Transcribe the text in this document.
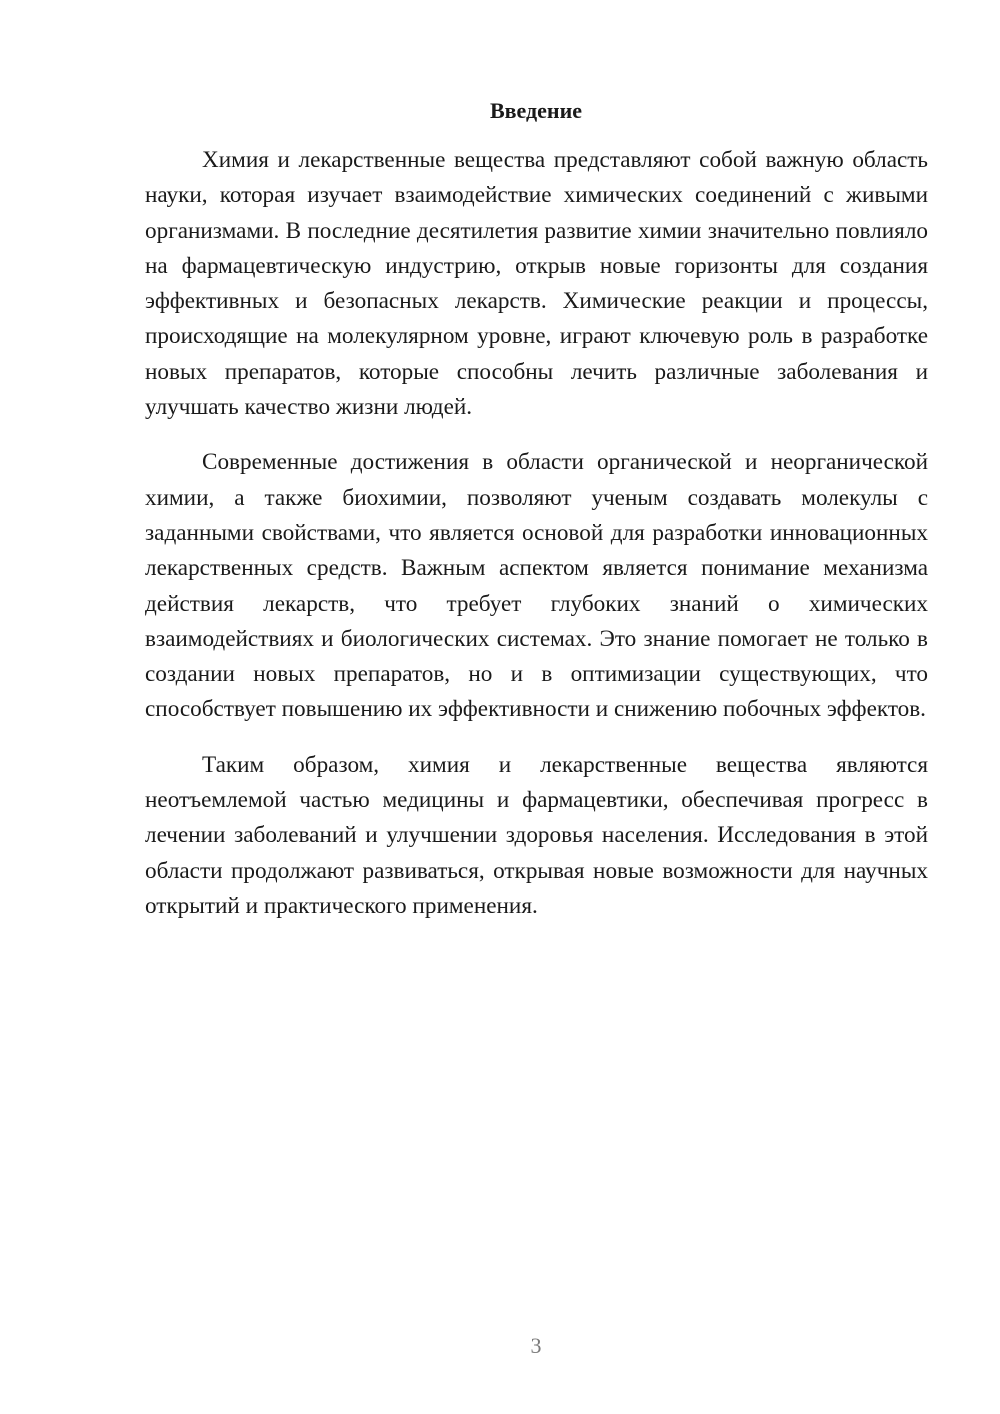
Введение

Химия и лекарственные вещества представляют собой важную область науки, которая изучает взаимодействие химических соединений с живыми организмами. В последние десятилетия развитие химии значительно повлияло на фармацевтическую индустрию, открыв новые горизонты для создания эффективных и безопасных лекарств. Химические реакции и процессы, происходящие на молекулярном уровне, играют ключевую роль в разработке новых препаратов, которые способны лечить различные заболевания и улучшать качество жизни людей.

Современные достижения в области органической и неорганической химии, а также биохимии, позволяют ученым создавать молекулы с заданными свойствами, что является основой для разработки инновационных лекарственных средств. Важным аспектом является понимание механизма действия лекарств, что требует глубоких знаний о химических взаимодействиях и биологических системах. Это знание помогает не только в создании новых препаратов, но и в оптимизации существующих, что способствует повышению их эффективности и снижению побочных эффектов.

Таким образом, химия и лекарственные вещества являются неотъемлемой частью медицины и фармацевтики, обеспечивая прогресс в лечении заболеваний и улучшении здоровья населения. Исследования в этой области продолжают развиваться, открывая новые возможности для научных открытий и практического применения.

3
